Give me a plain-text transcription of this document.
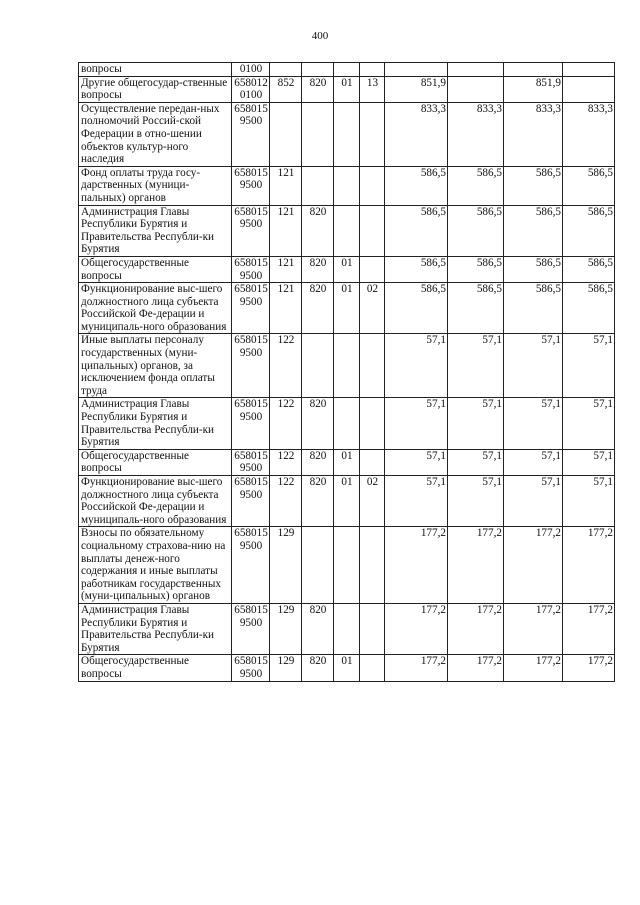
400
вопросы	0100								
Другие общегосудар-ственные вопросы	658012 0100	852	820	01	13	851,9		851,9	
Осуществление передан-ных полномочий Россий-ской Федерации в отно-шении объектов культур-ного наследия	658015 9500					833,3	833,3	833,3	833,3
Фонд оплаты труда госу-дарственных (муници-пальных) органов	658015 9500	121				586,5	586,5	586,5	586,5
Администрация Главы Республики Бурятия и Правительства Республи-ки Бурятия	658015 9500	121	820			586,5	586,5	586,5	586,5
Общегосударственные вопросы	658015 9500	121	820	01		586,5	586,5	586,5	586,5
Функционирование выс-шего должностного лица субъекта Российской Фе-дерации и муниципаль-ного образования	658015 9500	121	820	01	02	586,5	586,5	586,5	586,5
Иные выплаты персоналу государственных (муни-ципальных) органов, за исключением фонда оплаты труда	658015 9500	122				57,1	57,1	57,1	57,1
Администрация Главы Республики Бурятия и Правительства Республи-ки Бурятия	658015 9500	122	820			57,1	57,1	57,1	57,1
Общегосударственные вопросы	658015 9500	122	820	01		57,1	57,1	57,1	57,1
Функционирование выс-шего должностного лица субъекта Российской Фе-дерации и муниципаль-ного образования	658015 9500	122	820	01	02	57,1	57,1	57,1	57,1
Взносы по обязательному социальному страхова-нию на выплаты денеж-ного содержания и иные выплаты работникам государственных (муни-ципальных) органов	658015 9500	129				177,2	177,2	177,2	177,2
Администрация Главы Республики Бурятия и Правительства Республи-ки Бурятия	658015 9500	129	820			177,2	177,2	177,2	177,2
Общегосударственные вопросы	658015 9500	129	820	01		177,2	177,2	177,2	177,2
